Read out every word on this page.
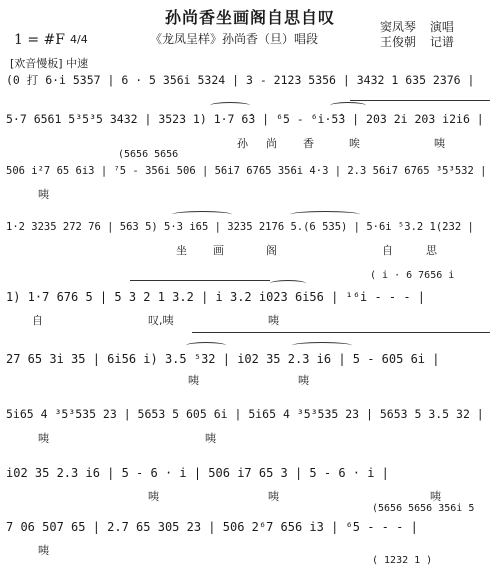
孙尚香坐画阁自思自叹
《龙凤呈样》孙尚香（旦）唱段
窦凤琴 演唱
王俊朝 记谱
1 = #F 4/4
[欢音慢板] 中速
(0 打 6·i 5357 | 6 · 5 356i 5324 | 3 - 2123 5356 | 3432 1 635 2376 |
5·7 6561 5³5³5 3432 | 3523 1) 1·7 6̂3 | ⁶5 - ⁶i·5̂3 | 203 2i 203 i2i6 |
506 i²7 65 6i3 | ⁷5 - 356i 506 | 56i7 6765 356i 4·3 | 2.3 56i7 6765 ³5³532 |
1·2 3235 272 76 | 563 5) 5·3 i65 | 3235 2176 5.(6 535) | 5·6i ⁵3.2 1(232 |
1) 1·7 676 5 | 5 3 2 1 3.2 | i 3.2 i023 6i56 | ¹⁶i - - - |
27 65 3i 35 | 6i56 i) 3.5 ⁵32 | i02 35 2.3 i6 | 5 - 605 6i |
5i65 4 ³5³535 23 | 5653 5 605 6i | 5i65 4 ³5³535 23 | 5653 5 3.5 32 |
i02 35 2.3 i6 | 5 - 6 · i | 506 i7 65 3 | 5 - 6 · i |
7 06 507 65 | 2.7 65 305 23 | 506 2⁶7 656 i3 | ⁶5 - - - |
(5656 5656
( i · 6 7656 i
(5656 5656 356i 5
( 1232 1 )
孙 尚 香	唉	咦
咦
坐 画	阁	自	思
自	叹,咦	咦
咦	咦
咦	咦
咦	咦	咦
咦
